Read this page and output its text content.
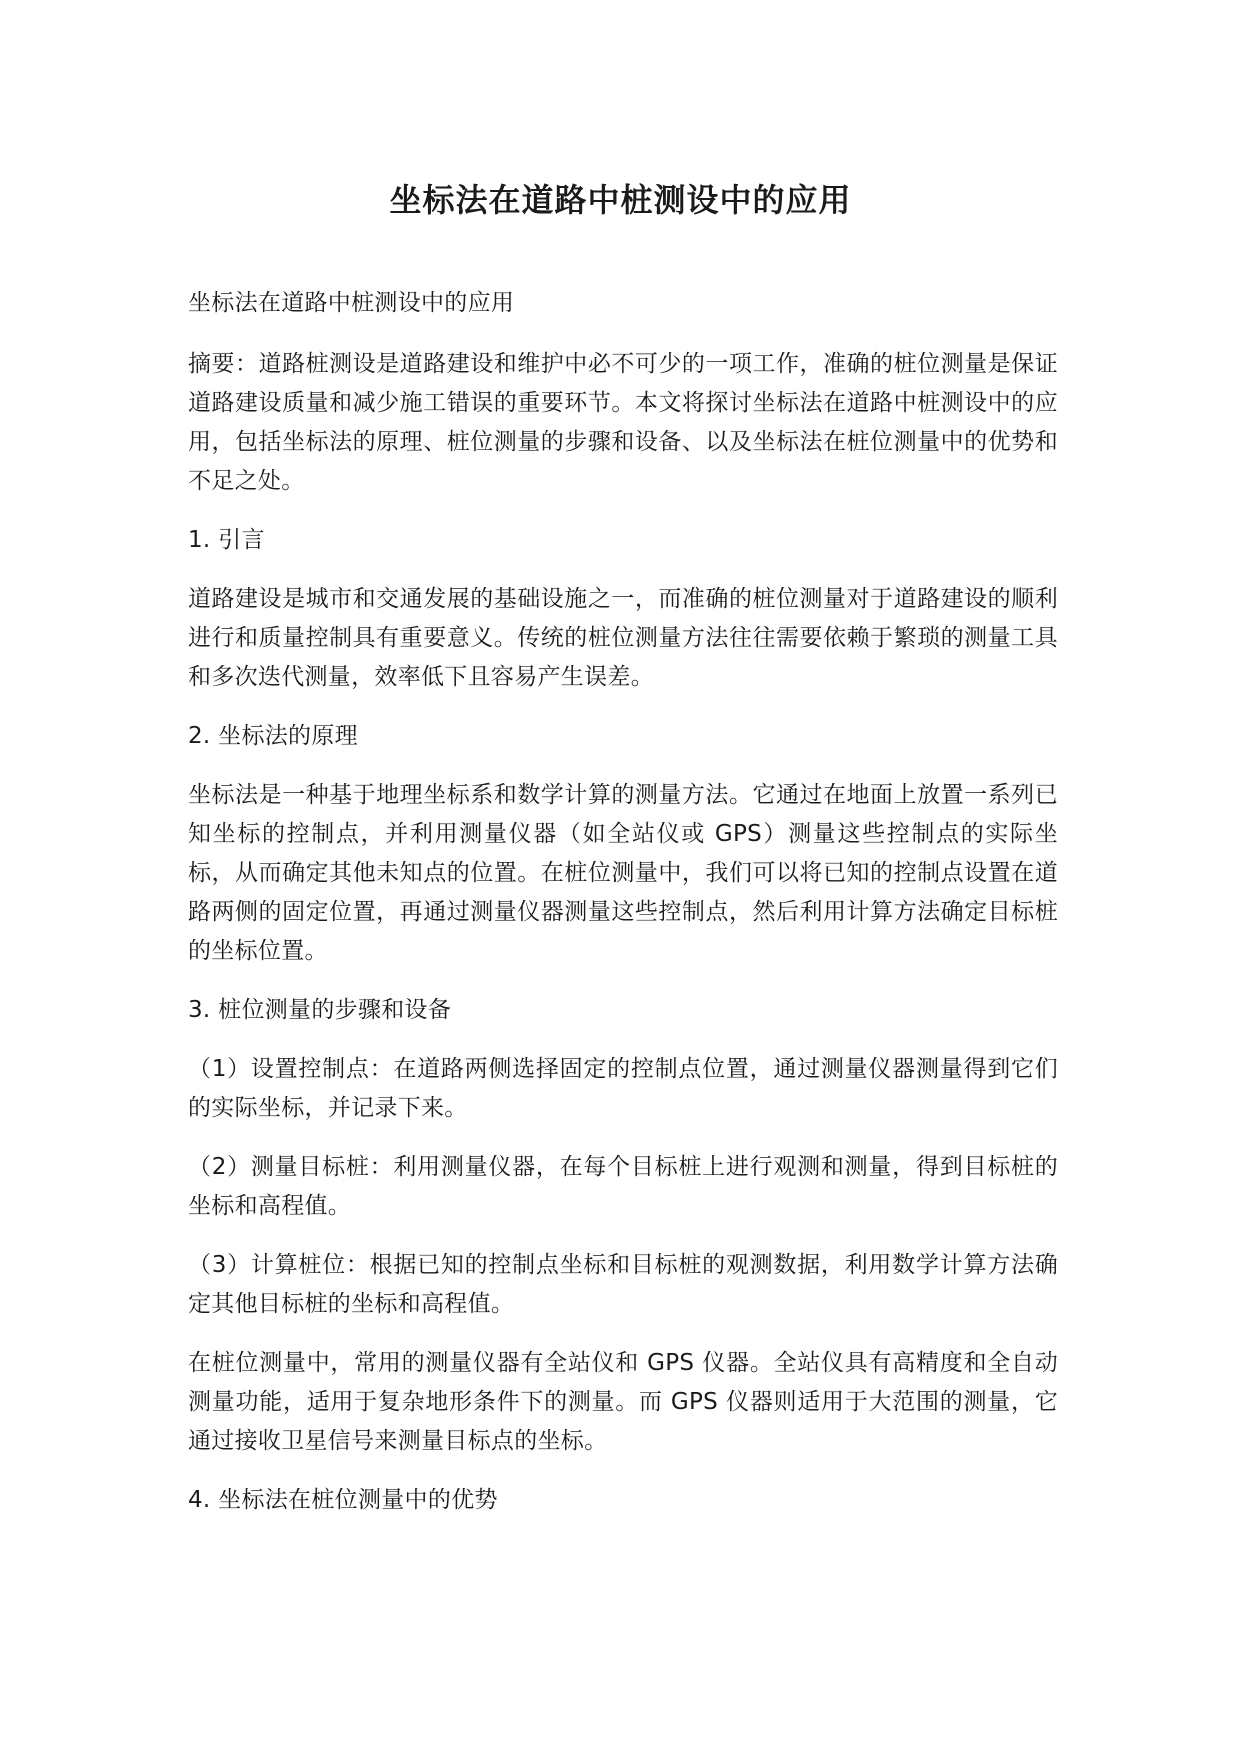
坐标法在道路中桩测设中的应用

坐标法在道路中桩测设中的应用

摘要：道路桩测设是道路建设和维护中必不可少的一项工作，准确的桩位测量是保证道路建设质量和减少施工错误的重要环节。本文将探讨坐标法在道路中桩测设中的应用，包括坐标法的原理、桩位测量的步骤和设备、以及坐标法在桩位测量中的优势和不足之处。

1. 引言

道路建设是城市和交通发展的基础设施之一，而准确的桩位测量对于道路建设的顺利进行和质量控制具有重要意义。传统的桩位测量方法往往需要依赖于繁琐的测量工具和多次迭代测量，效率低下且容易产生误差。

2. 坐标法的原理

坐标法是一种基于地理坐标系和数学计算的测量方法。它通过在地面上放置一系列已知坐标的控制点，并利用测量仪器（如全站仪或 GPS）测量这些控制点的实际坐标，从而确定其他未知点的位置。在桩位测量中，我们可以将已知的控制点设置在道路两侧的固定位置，再通过测量仪器测量这些控制点，然后利用计算方法确定目标桩的坐标位置。

3. 桩位测量的步骤和设备

（1）设置控制点：在道路两侧选择固定的控制点位置，通过测量仪器测量得到它们的实际坐标，并记录下来。

（2）测量目标桩：利用测量仪器，在每个目标桩上进行观测和测量，得到目标桩的坐标和高程值。

（3）计算桩位：根据已知的控制点坐标和目标桩的观测数据，利用数学计算方法确定其他目标桩的坐标和高程值。

在桩位测量中，常用的测量仪器有全站仪和 GPS 仪器。全站仪具有高精度和全自动测量功能，适用于复杂地形条件下的测量。而 GPS 仪器则适用于大范围的测量，它通过接收卫星信号来测量目标点的坐标。

4. 坐标法在桩位测量中的优势
